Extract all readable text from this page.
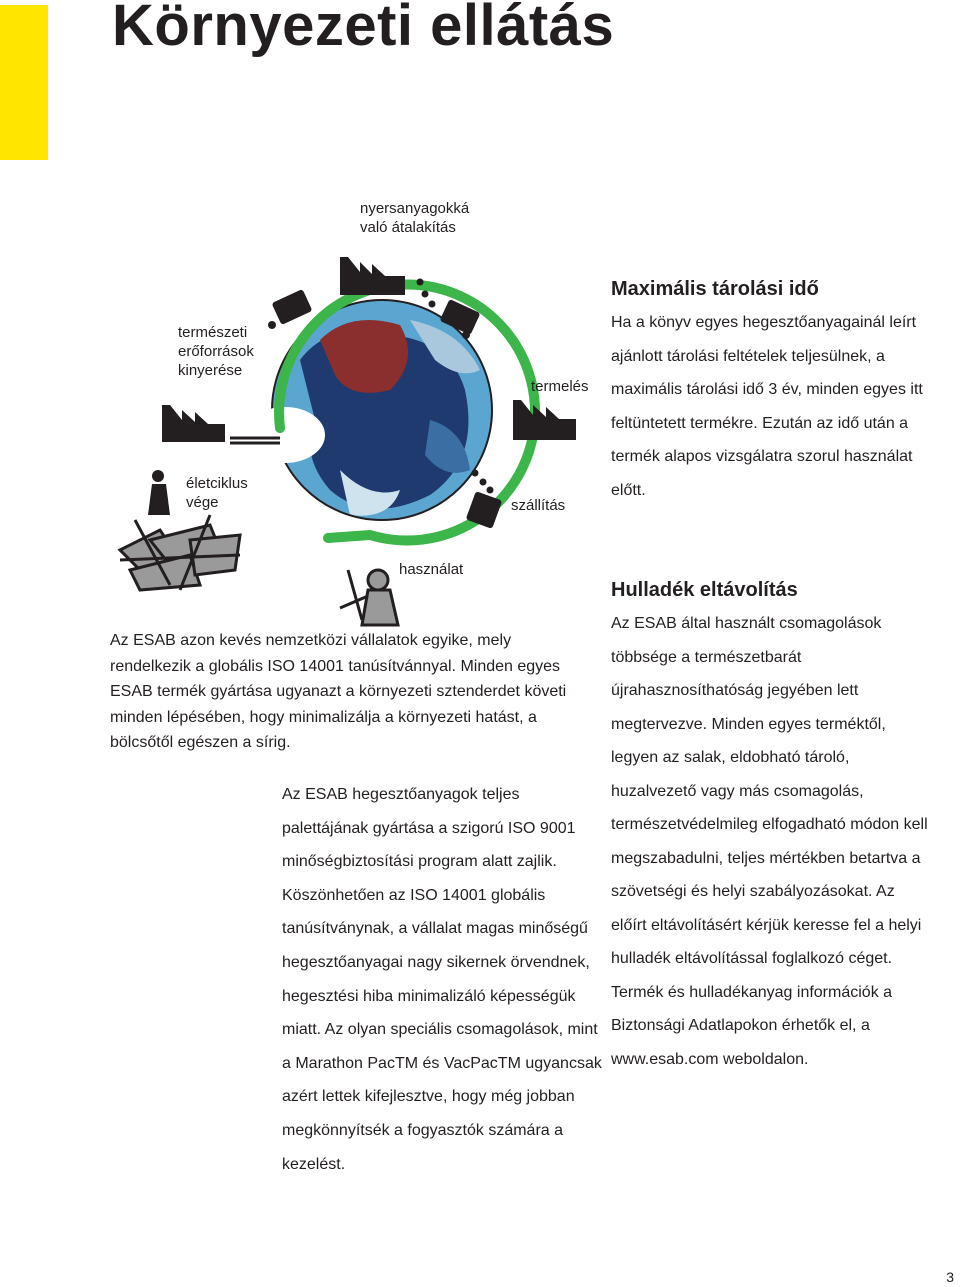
Környezeti ellátás
nyersanyagokká
való átalakítás
természeti
erőforrások
kinyerése
termelés
életciklus
vége	szállítás
használat

Az ESAB azon kevés nemzetközi vállalatok egyike, mely rendelkezik a globális ISO 14001 tanúsítvánnyal. Minden egyes ESAB termék gyártása ugyanazt a környezeti sztenderdet követi minden lépésében, hogy minimalizálja a környezeti hatást, a bölcsőtől egészen a sírig.

Az ESAB hegesztőanyagok teljes palettájának gyártása a szigorú ISO 9001 minőségbiztosítási program alatt zajlik. Köszönhetően az ISO 14001 globális tanúsítványnak, a vállalat magas minőségű hegesztőanyagai nagy sikernek örvendnek, hegesztési hiba minimalizáló képességük miatt. Az olyan speciális csomagolások, mint a Marathon PacTM és VacPacTM ugyancsak azért lettek kifejlesztve, hogy még jobban megkönnyítsék a fogyasztók számára a kezelést.

Maximális tárolási idő

Ha a könyv egyes hegesztőanyagainál leírt ajánlott tárolási feltételek teljesülnek, a maximális tárolási idő 3 év, minden egyes itt feltüntetett termékre. Ezután az idő után a termék alapos vizsgálatra szorul használat előtt.

Hulladék eltávolítás

Az ESAB által használt csomagolások többsége a természetbarát újrahasznosíthatóság jegyében lett megtervezve. Minden egyes terméktől, legyen az salak, eldobható tároló, huzalvezető vagy más csomagolás, természetvédelmileg elfogadható módon kell megszabadulni, teljes mértékben betartva a szövetségi és helyi szabályozásokat. Az előírt eltávolításért kérjük keresse fel a helyi hulladék eltávolítással foglalkozó céget. Termék és hulladékanyag információk a Biztonsági Adatlapokon érhetők el, a www.esab.com weboldalon.

3
